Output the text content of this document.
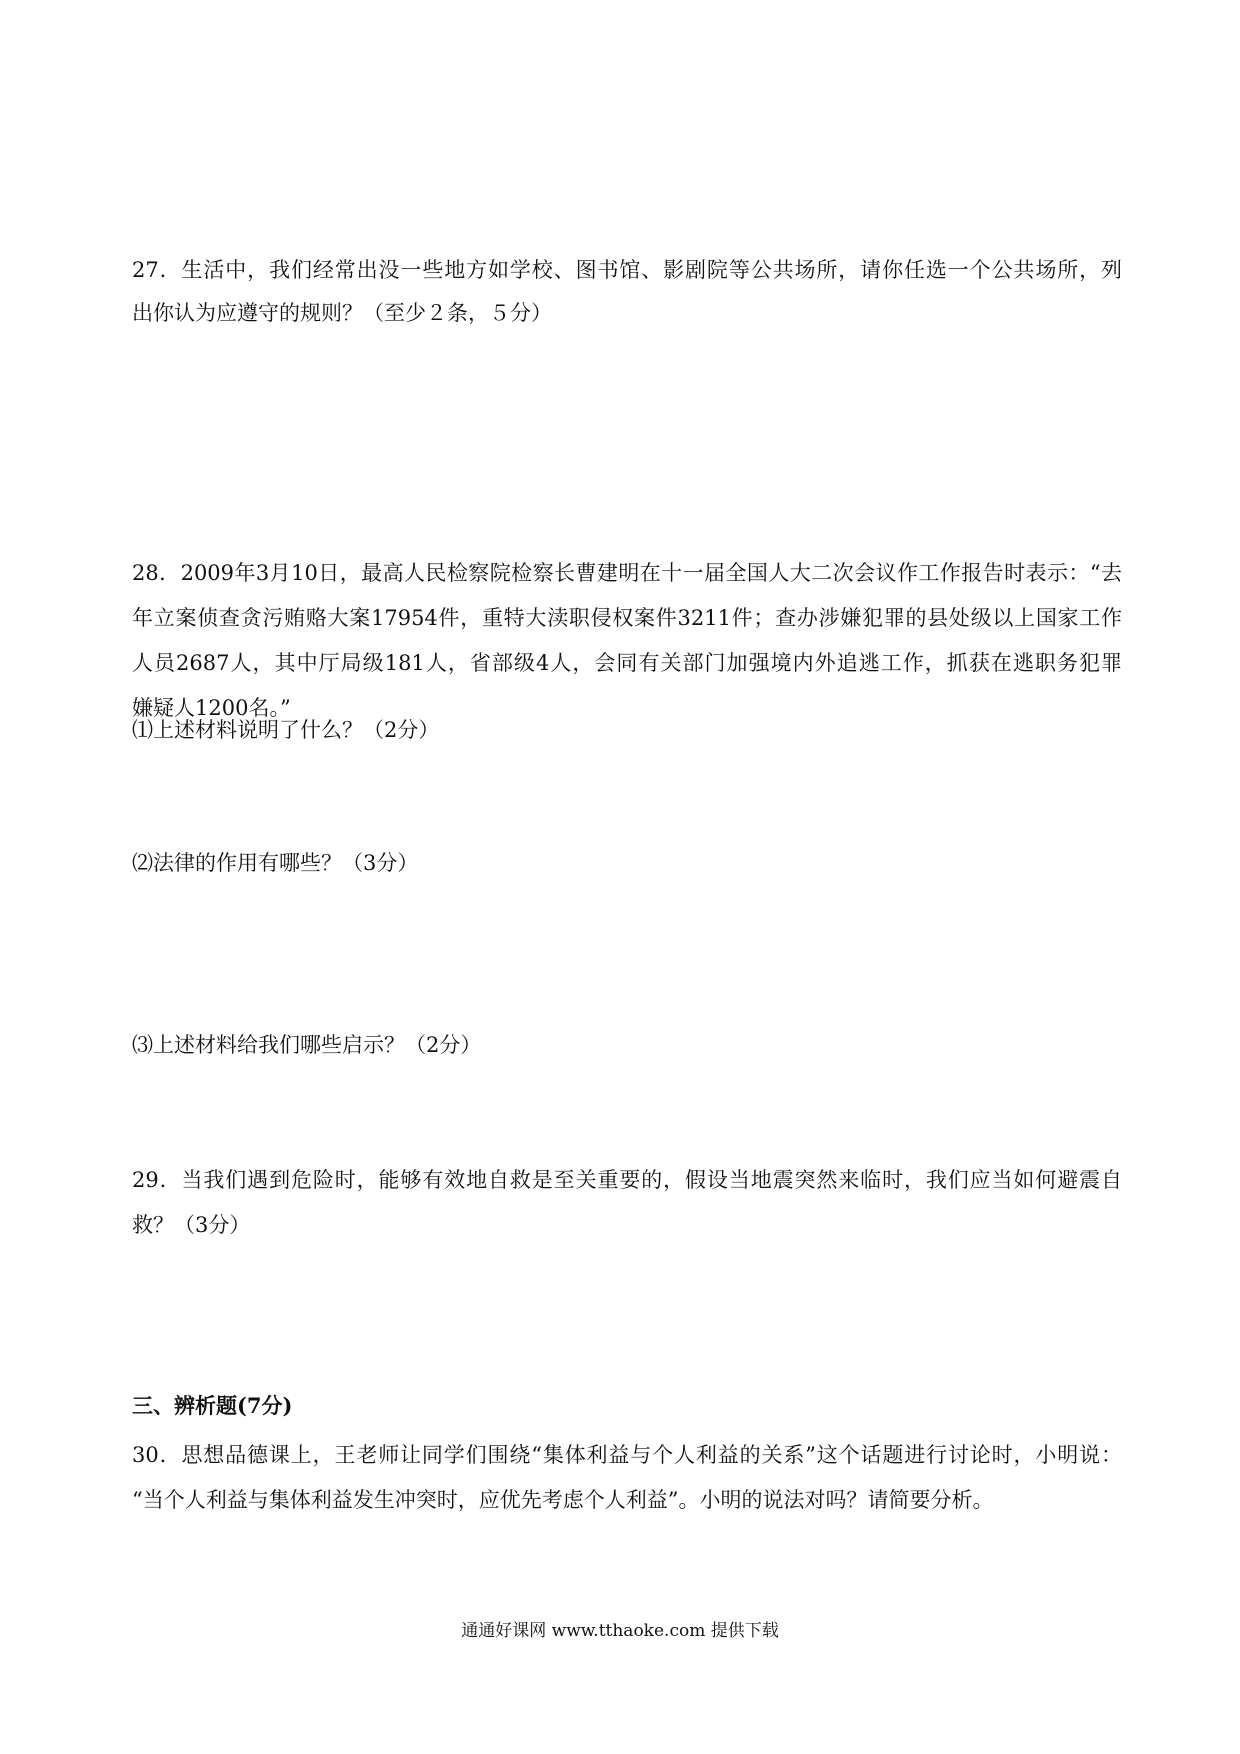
27．生活中，我们经常出没一些地方如学校、图书馆、影剧院等公共场所，请你任选一个公共场所，列
出你认为应遵守的规则？（至少２条，５分）
28．2009年3月10日，最高人民检察院检察长曹建明在十一届全国人大二次会议作工作报告时表示：“去
年立案侦查贪污贿赂大案17954件，重特大渎职侵权案件3211件；查办涉嫌犯罪的县处级以上国家工作
人员2687人，其中厅局级181人，省部级4人，会同有关部门加强境内外追逃工作，抓获在逃职务犯罪
嫌疑人1200名。”
⑴上述材料说明了什么？（2分）
⑵法律的作用有哪些？（3分）
⑶上述材料给我们哪些启示？（2分）
29．当我们遇到危险时，能够有效地自救是至关重要的，假设当地震突然来临时，我们应当如何避震自
救？（3分）
三、辨析题(7分)
30．思想品德课上，王老师让同学们围绕“集体利益与个人利益的关系”这个话题进行讨论时，小明说：
“当个人利益与集体利益发生冲突时，应优先考虑个人利益”。小明的说法对吗？请简要分析。
通通好课网 www.tthaoke.com 提供下载
